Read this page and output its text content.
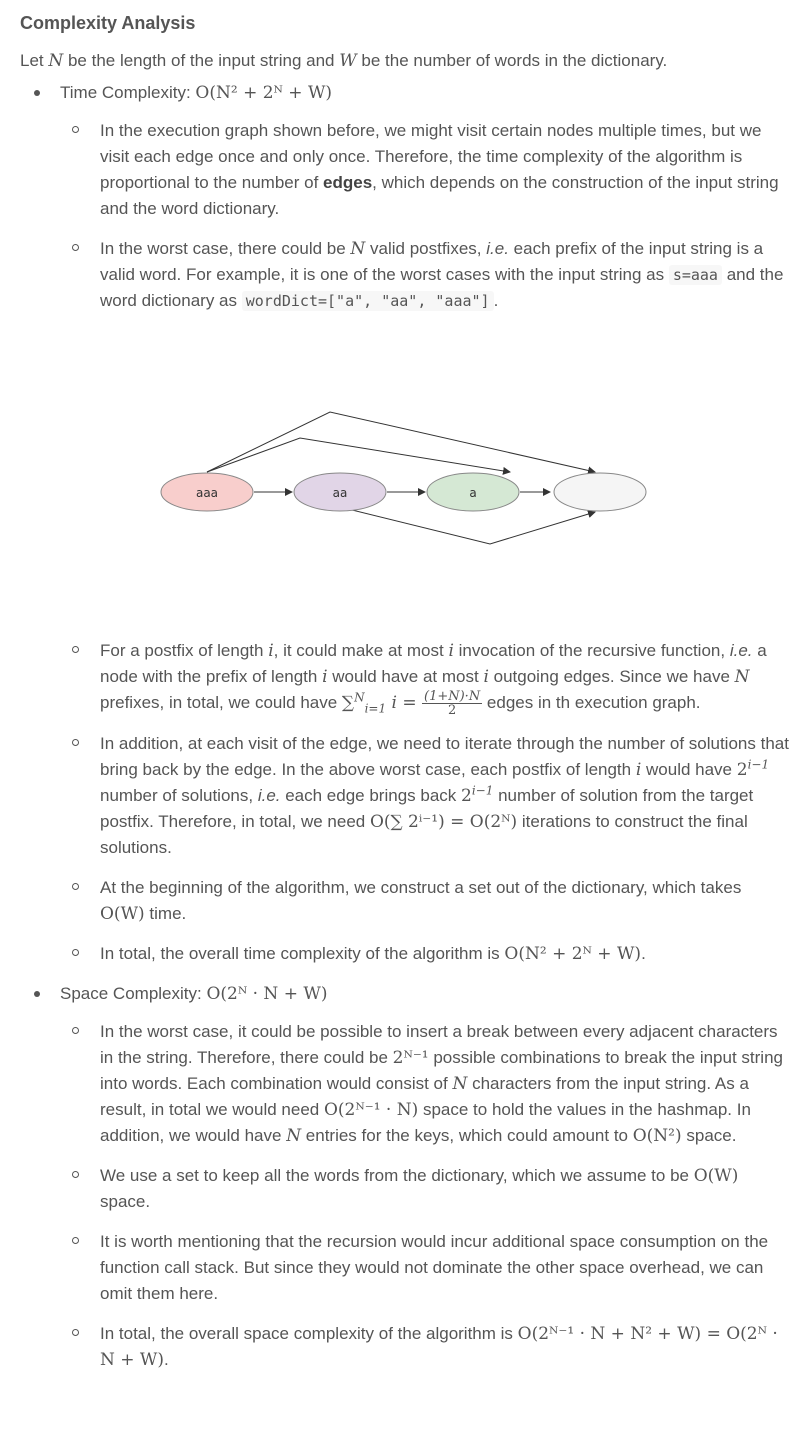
Complexity Analysis

Let N be the length of the input string and W be the number of words in the dictionary.

Time Complexity: O(N² + 2ᴺ + W)
In the execution graph shown before, we might visit certain nodes multiple times, but we visit each edge once and only once. Therefore, the time complexity of the algorithm is proportional to the number of edges, which depends on the construction of the input string and the word dictionary.
In the worst case, there could be N valid postfixes, i.e. each prefix of the input string is a valid word. For example, it is one of the worst cases with the input string as s=aaa and the word dictionary as wordDict=["a", "aa", "aaa"] .
aaa	aa	a
For a postfix of length i, it could make at most i invocation of the recursive function, i.e. a node with the prefix of length i would have at most i outgoing edges. Since we have N prefixes, in total, we could have ∑$^N_{i=1}$ $i = \frac{(1+N)\cdot N}{2}$ edges in th execution graph.
In addition, at each visit of the edge, we need to iterate through the number of solutions that bring back by the edge. In the above worst case, each postfix of length i would have $2^{i-1}$ number of solutions, i.e. each edge brings back $2^{i-1}$ number of solution from the target postfix. Therefore, in total, we need O(∑ 2ⁱ⁻¹) = O(2ᴺ) iterations to construct the final solutions.
At the beginning of the algorithm, we construct a set out of the dictionary, which takes O(W) time.
In total, the overall time complexity of the algorithm is O(N² + 2ᴺ + W).
Space Complexity: O(2ᴺ · N + W)
In the worst case, it could be possible to insert a break between every adjacent characters in the string. Therefore, there could be 2ᴺ⁻¹ possible combinations to break the input string into words. Each combination would consist of N characters from the input string. As a result, in total we would need O(2ᴺ⁻¹ · N) space to hold the values in the hashmap. In addition, we would have N entries for the keys, which could amount to O(N²) space.
We use a set to keep all the words from the dictionary, which we assume to be O(W) space.
It is worth mentioning that the recursion would incur additional space consumption on the function call stack. But since they would not dominate the other space overhead, we can omit them here.
In total, the overall space complexity of the algorithm is O(2ᴺ⁻¹ · N + N² + W) = O(2ᴺ · N + W).
